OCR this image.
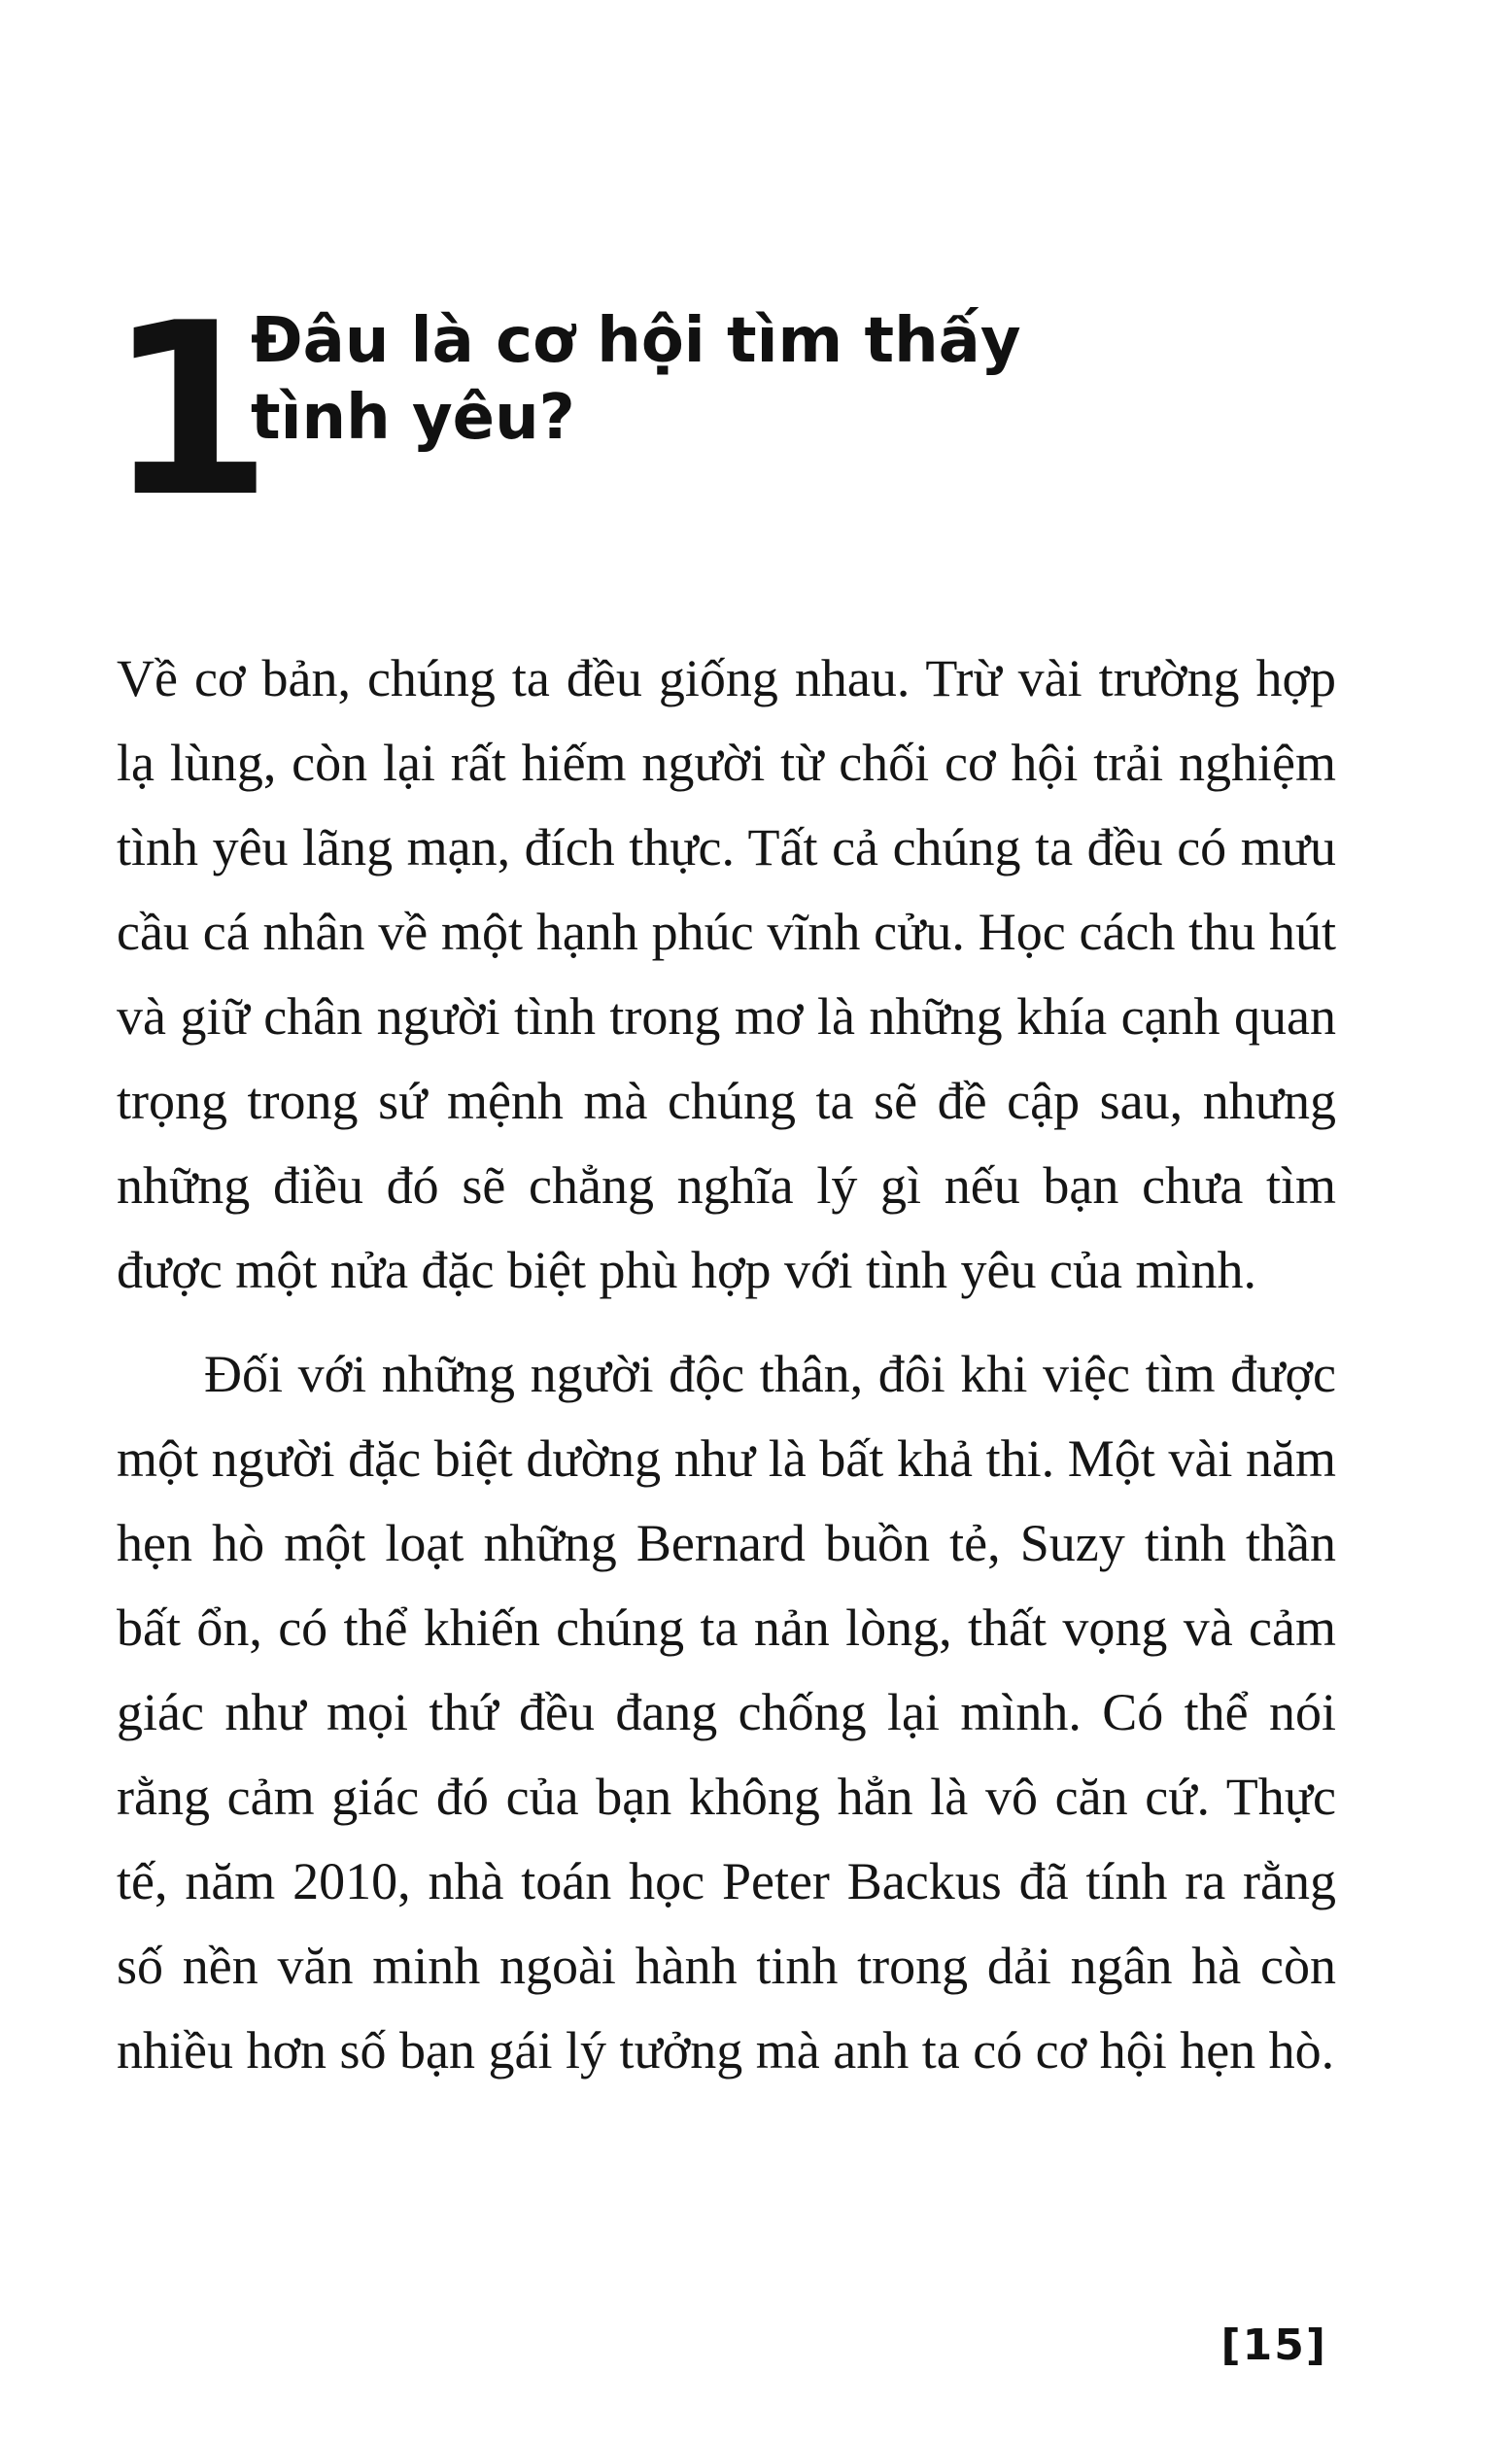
1
Đâu là cơ hội tìm thấy
tình yêu?

Về cơ bản, chúng ta đều giống nhau. Trừ vài trường hợp lạ lùng, còn lại rất hiếm người từ chối cơ hội trải nghiệm tình yêu lãng mạn, đích thực. Tất cả chúng ta đều có mưu cầu cá nhân về một hạnh phúc vĩnh cửu. Học cách thu hút và giữ chân người tình trong mơ là những khía cạnh quan trọng trong sứ mệnh mà chúng ta sẽ đề cập sau, nhưng những điều đó sẽ chẳng nghĩa lý gì nếu bạn chưa tìm được một nửa đặc biệt phù hợp với tình yêu của mình.

Đối với những người độc thân, đôi khi việc tìm được một người đặc biệt dường như là bất khả thi. Một vài năm hẹn hò một loạt những Bernard buồn tẻ, Suzy tinh thần bất ổn, có thể khiến chúng ta nản lòng, thất vọng và cảm giác như mọi thứ đều đang chống lại mình. Có thể nói rằng cảm giác đó của bạn không hẳn là vô căn cứ. Thực tế, năm 2010, nhà toán học Peter Backus đã tính ra rằng số nền văn minh ngoài hành tinh trong dải ngân hà còn nhiều hơn số bạn gái lý tưởng mà anh ta có cơ hội hẹn hò.

[15]
